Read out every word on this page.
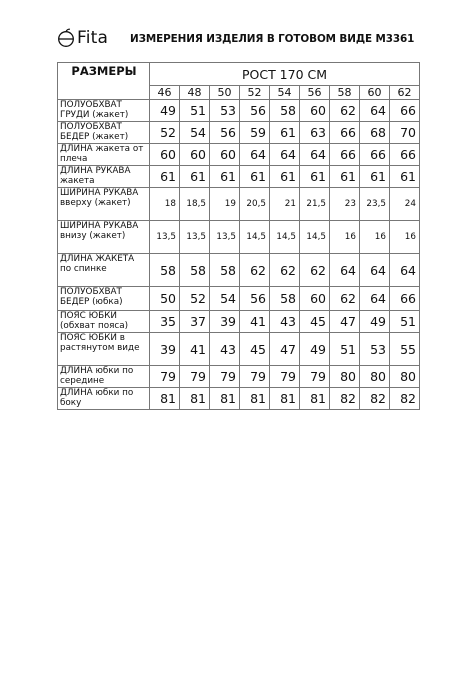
Fita ИЗМЕРЕНИЯ ИЗДЕЛИЯ В ГОТОВОМ ВИДЕ М3361
РАЗМЕРЫ	РОСТ 170 СМ								
	46	48	50	52	54	56	58	60	62
ПОЛУОБХВАТ ГРУДИ (жакет)	49	51	53	56	58	60	62	64	66
ПОЛУОБХВАТ БЕДЕР (жакет)	52	54	56	59	61	63	66	68	70
ДЛИНА жакета от плеча	60	60	60	64	64	64	66	66	66
ДЛИНА РУКАВА жакета	61	61	61	61	61	61	61	61	61
ШИРИНА РУКАВА вверху (жакет)	18	18,5	19	20,5	21	21,5	23	23,5	24
ШИРИНА РУКАВА внизу (жакет)	13,5	13,5	13,5	14,5	14,5	14,5	16	16	16
ДЛИНА ЖАКЕТА по спинке	58	58	58	62	62	62	64	64	64
ПОЛУОБХВАТ БЕДЕР (юбка)	50	52	54	56	58	60	62	64	66
ПОЯС ЮБКИ (обхват пояса)	35	37	39	41	43	45	47	49	51
ПОЯС ЮБКИ в растянутом виде	39	41	43	45	47	49	51	53	55
ДЛИНА юбки по середине	79	79	79	79	79	79	80	80	80
ДЛИНА юбки по боку	81	81	81	81	81	81	82	82	82
